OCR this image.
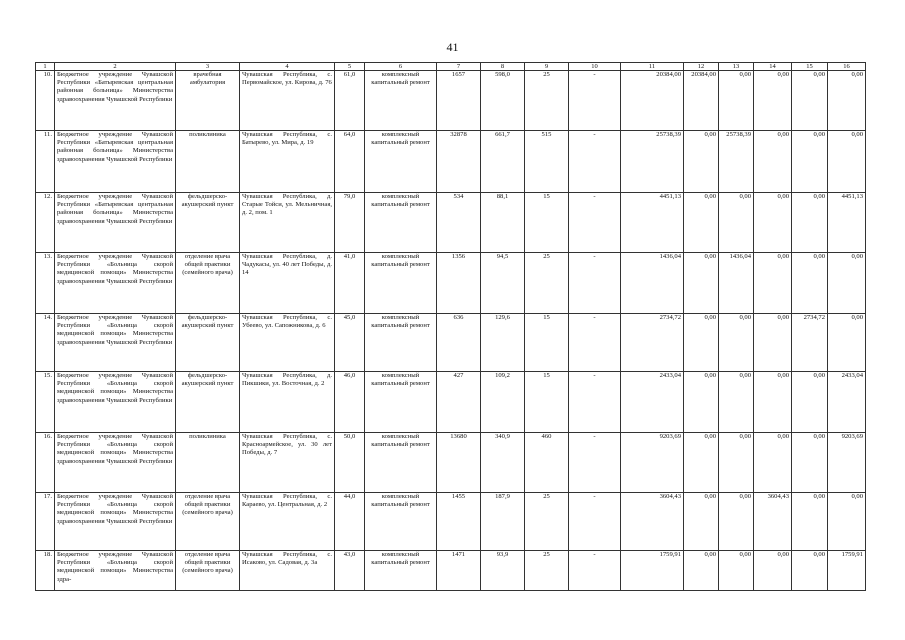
41
1	2	3	4	5	6	7	8	9	10	11	12	13	14	15	16
10.	Бюджетное учреждение Чувашской Республики «Батыревская центральная районная больница» Министерства здравоохранения Чувашской Республики	врачебная амбулатория	Чувашская Республика, с. Первомайское, ул. Кирова, д. 76	61,0	комплексный капитальный ремонт	1657	598,0	25	-	20384,00	20384,00	0,00	0,00	0,00	0,00
11.	Бюджетное учреждение Чувашской Республики «Батыревская центральная районная больница» Министерства здравоохранения Чувашской Республики	поликлиника	Чувашская Республика, с. Батырево, ул. Мира, д. 19	64,0	комплексный капитальный ремонт	32878	661,7	515	-	25738,39	0,00	25738,39	0,00	0,00	0,00
12.	Бюджетное учреждение Чувашской Республики «Батыревская центральная районная больница» Министерства здравоохранения Чувашской Республики	фельдшерско-акушерский пункт	Чувашская Республика, д. Старые Тойси, ул. Мельничная, д. 2, пом. 1	79,0	комплексный капитальный ремонт	534	88,1	15	-	4451,13	0,00	0,00	0,00	0,00	4451,13
13.	Бюджетное учреждение Чувашской Республики «Больница скорой медицинской помощи» Министерства здравоохранения Чувашской Республики	отделение врача общей практики (семейного врача)	Чувашская Республика, д. Чадукасы, ул. 40 лет Победы, д. 14	41,0	комплексный капитальный ремонт	1356	94,5	25	-	1436,04	0,00	1436,04	0,00	0,00	0,00
14.	Бюджетное учреждение Чувашской Республики «Больница скорой медицинской помощи» Министерства здравоохранения Чувашской Республики	фельдшерско-акушерский пункт	Чувашская Республика, с. Убеево, ул. Сапожникова, д. 6	45,0	комплексный капитальный ремонт	636	129,6	15	-	2734,72	0,00	0,00	0,00	2734,72	0,00
15.	Бюджетное учреждение Чувашской Республики «Больница скорой медицинской помощи» Министерства здравоохранения Чувашской Республики	фельдшерско-акушерский пункт	Чувашская Республика, д. Пикшики, ул. Восточная, д. 2	46,0	комплексный капитальный ремонт	427	109,2	15	-	2433,04	0,00	0,00	0,00	0,00	2433,04
16.	Бюджетное учреждение Чувашской Республики «Больница скорой медицинской помощи» Министерства здравоохранения Чувашской Республики	поликлиника	Чувашская Республика, с. Красноармейское, ул. 30 лет Победы, д. 7	50,0	комплексный капитальный ремонт	13680	340,9	460	-	9203,69	0,00	0,00	0,00	0,00	9203,69
17.	Бюджетное учреждение Чувашской Республики «Больница скорой медицинской помощи» Министерства здравоохранения Чувашской Республики	отделение врача общей практики (семейного врача)	Чувашская Республика, с. Караево, ул. Центральная, д. 2	44,0	комплексный капитальный ремонт	1455	187,9	25	-	3604,43	0,00	0,00	3604,43	0,00	0,00
18.	Бюджетное учреждение Чувашской Республики «Больница скорой медицинской помощи» Министерства здра-	отделение врача общей практики (семейного врача)	Чувашская Республика, с. Исаково, ул. Садовая, д. 3а	43,0	комплексный капитальный ремонт	1471	93,9	25	-	1759,91	0,00	0,00	0,00	0,00	1759,91
